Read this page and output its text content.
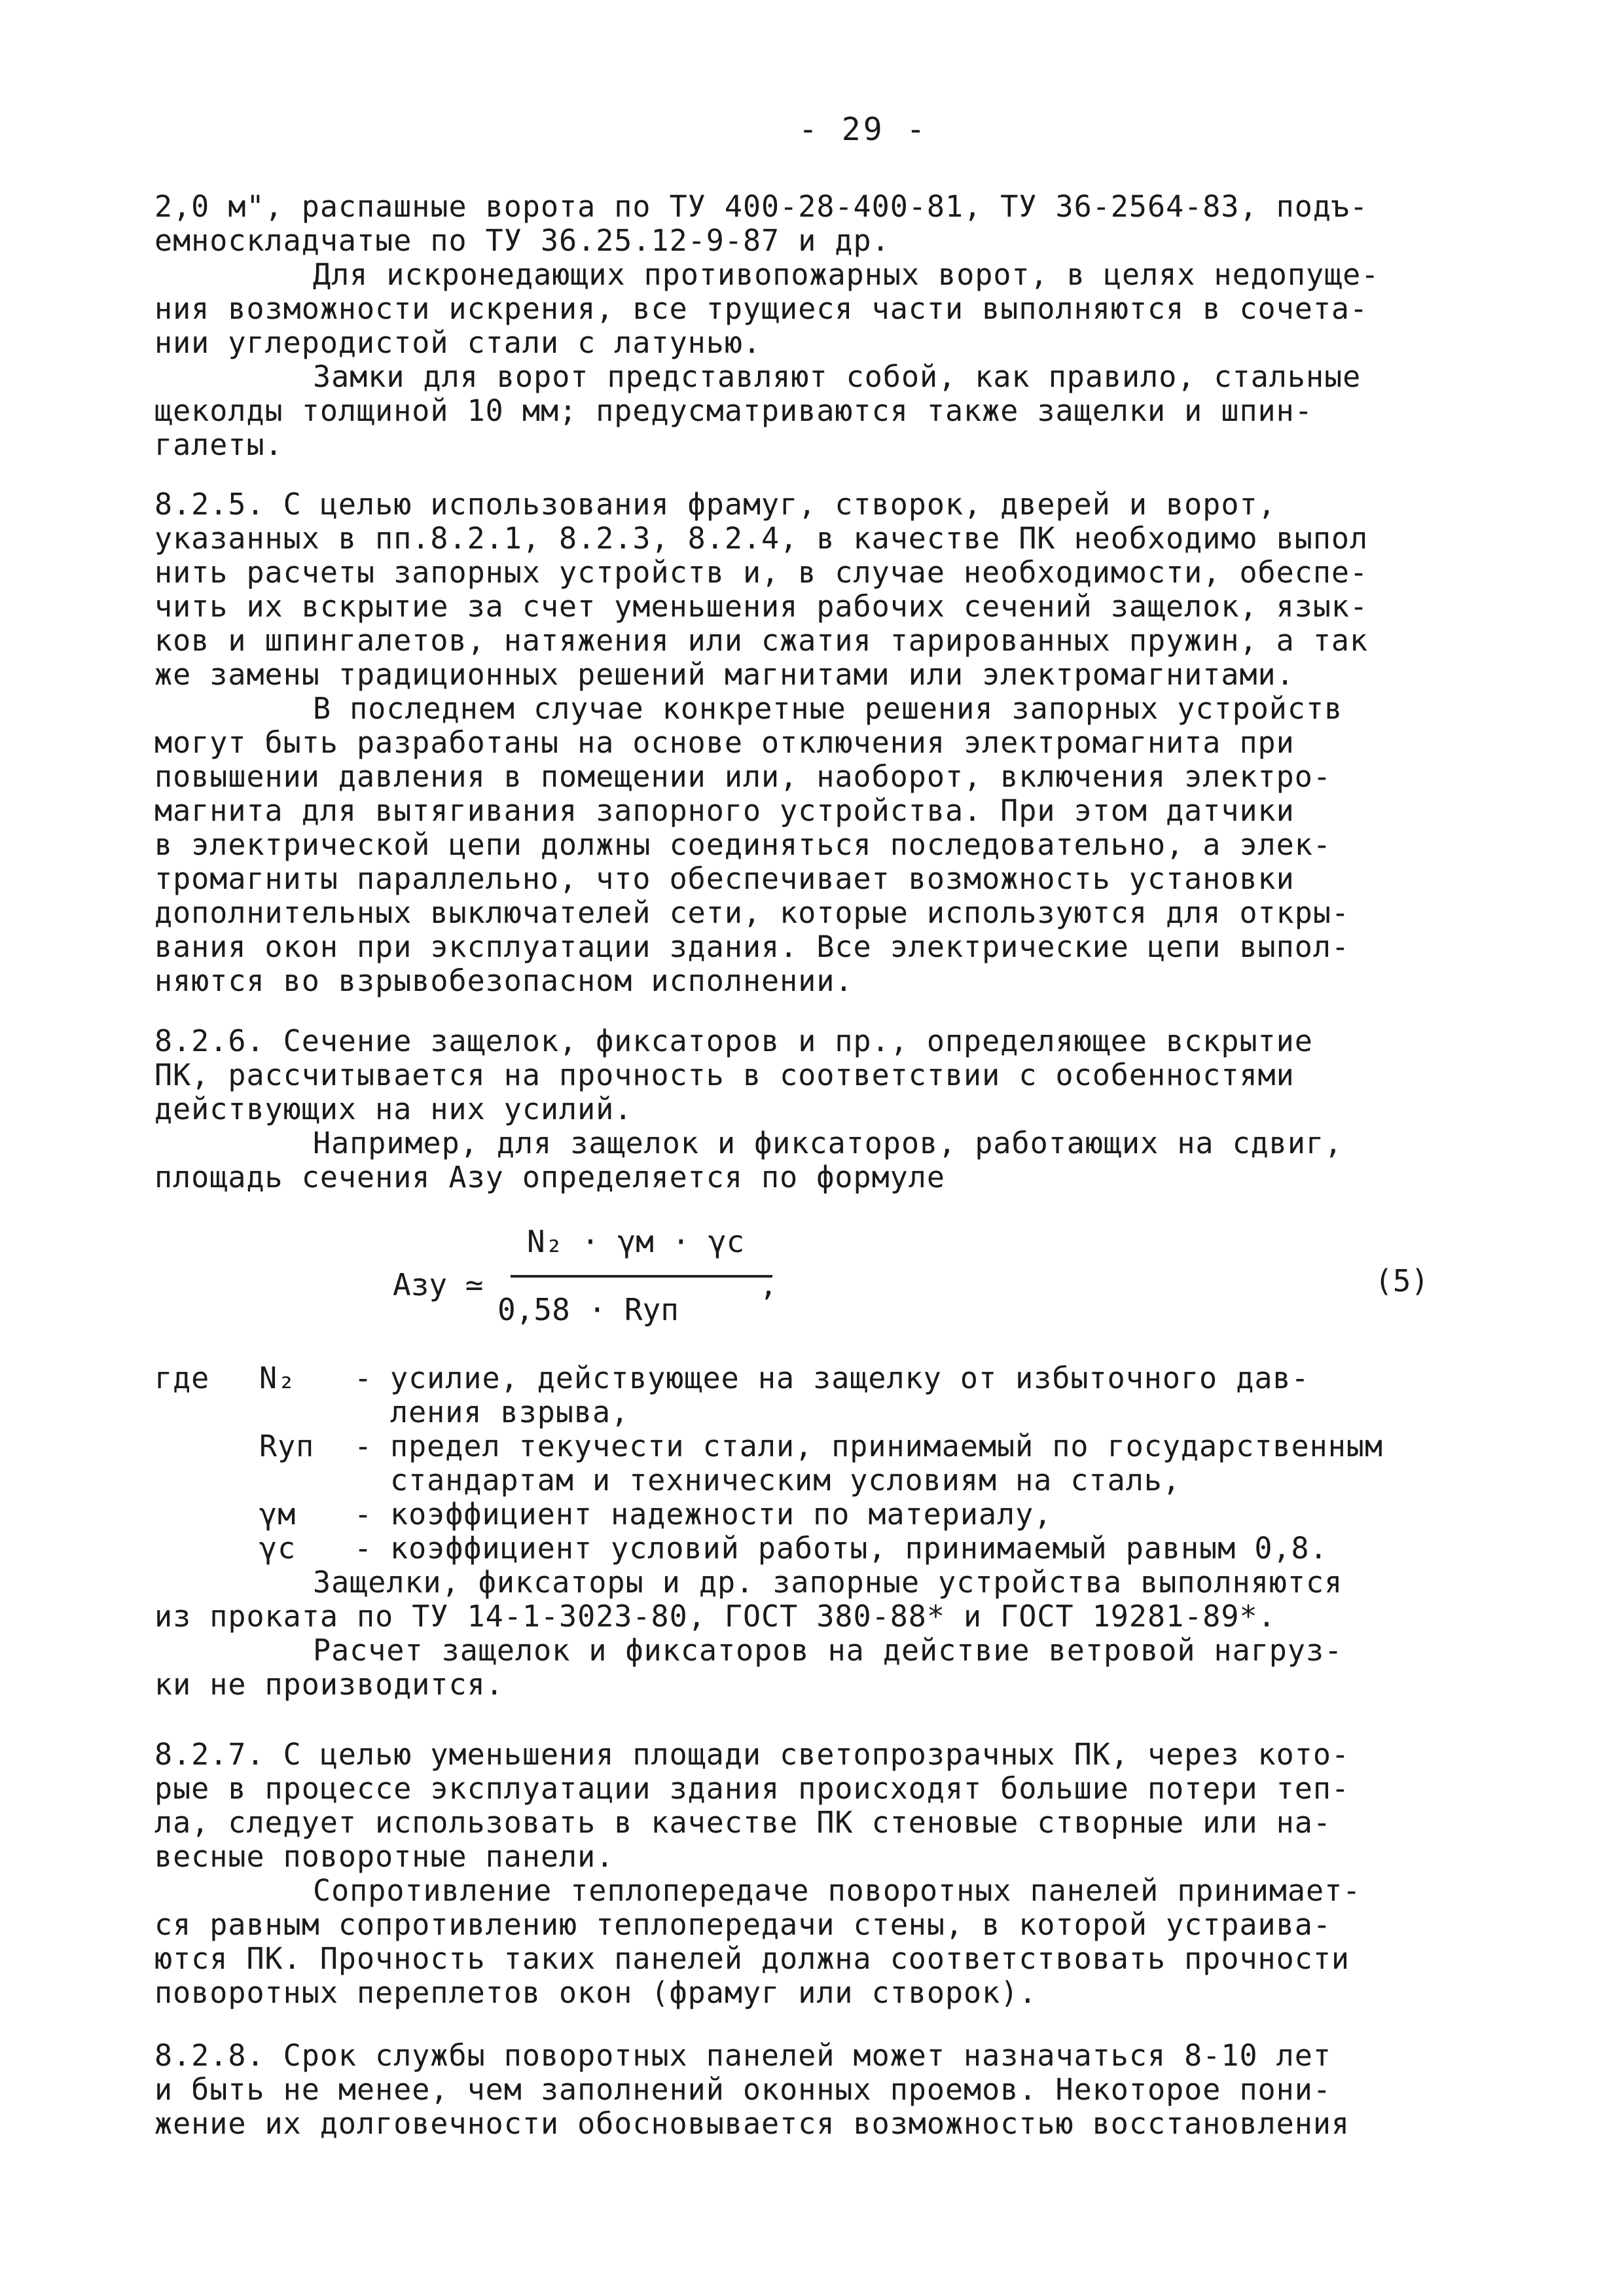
- 29 -
2,0 м", распашные ворота по ТУ 400-28-400-81, ТУ 36-2564-83, подъ-
емноскладчатые по ТУ 36.25.12-9-87 и др.
Для искронедающих противопожарных ворот, в целях недопуще-
ния возможности искрения, все трущиеся части выполняются в сочета-
нии углеродистой стали с латунью.
Замки для ворот представляют собой, как правило, стальные
щеколды толщиной 10 мм; предусматриваются также защелки и шпин-
галеты.
8.2.5. С целью использования фрамуг, створок, дверей и ворот,
указанных в пп.8.2.1, 8.2.3, 8.2.4, в качестве ПК необходимо выпол
нить расчеты запорных устройств и, в случае необходимости, обеспе-
чить их вскрытие за счет уменьшения рабочих сечений защелок, язык-
ков и шпингалетов, натяжения или сжатия тарированных пружин, а так
же замены традиционных решений магнитами или электромагнитами.
В последнем случае конкретные решения запорных устройств
могут быть разработаны на основе отключения электромагнита при
повышении давления в помещении или, наоборот, включения электро-
магнита для вытягивания запорного устройства. При этом датчики
в электрической цепи должны соединяться последовательно, а элек-
тромагниты параллельно, что обеспечивает возможность установки
дополнительных выключателей сети, которые используются для откры-
вания окон при эксплуатации здания. Все электрические цепи выпол-
няются во взрывобезопасном исполнении.
8.2.6. Сечение защелок, фиксаторов и пр., определяющее вскрытие
ПК, рассчитывается на прочность в соответствии с особенностями
действующих на них усилий.
Например, для защелок и фиксаторов, работающих на сдвиг,
площадь сечения Aзу определяется по формуле
Aзу ≃
N₂ · γм · γс
0,58 · Rуп
,	(5)
где N₂ - усилие, действующее на защелку от избыточного дав-
ления взрыва,
Rуп - предел текучести стали, принимаемый по государственным
стандартам и техническим условиям на сталь,
γм - коэффициент надежности по материалу,
γс - коэффициент условий работы, принимаемый равным 0,8.
Защелки, фиксаторы и др. запорные устройства выполняются
из проката по ТУ 14-1-3023-80, ГОСТ 380-88* и ГОСТ 19281-89*.
Расчет защелок и фиксаторов на действие ветровой нагруз-
ки не производится.
8.2.7. С целью уменьшения площади светопрозрачных ПК, через кото-
рые в процессе эксплуатации здания происходят большие потери теп-
ла, следует использовать в качестве ПК стеновые створные или на-
весные поворотные панели.
Сопротивление теплопередаче поворотных панелей принимает-
ся равным сопротивлению теплопередачи стены, в которой устраива-
ются ПК. Прочность таких панелей должна соответствовать прочности
поворотных переплетов окон (фрамуг или створок).
8.2.8. Срок службы поворотных панелей может назначаться 8-10 лет
и быть не менее, чем заполнений оконных проемов. Некоторое пони-
жение их долговечности обосновывается возможностью восстановления
